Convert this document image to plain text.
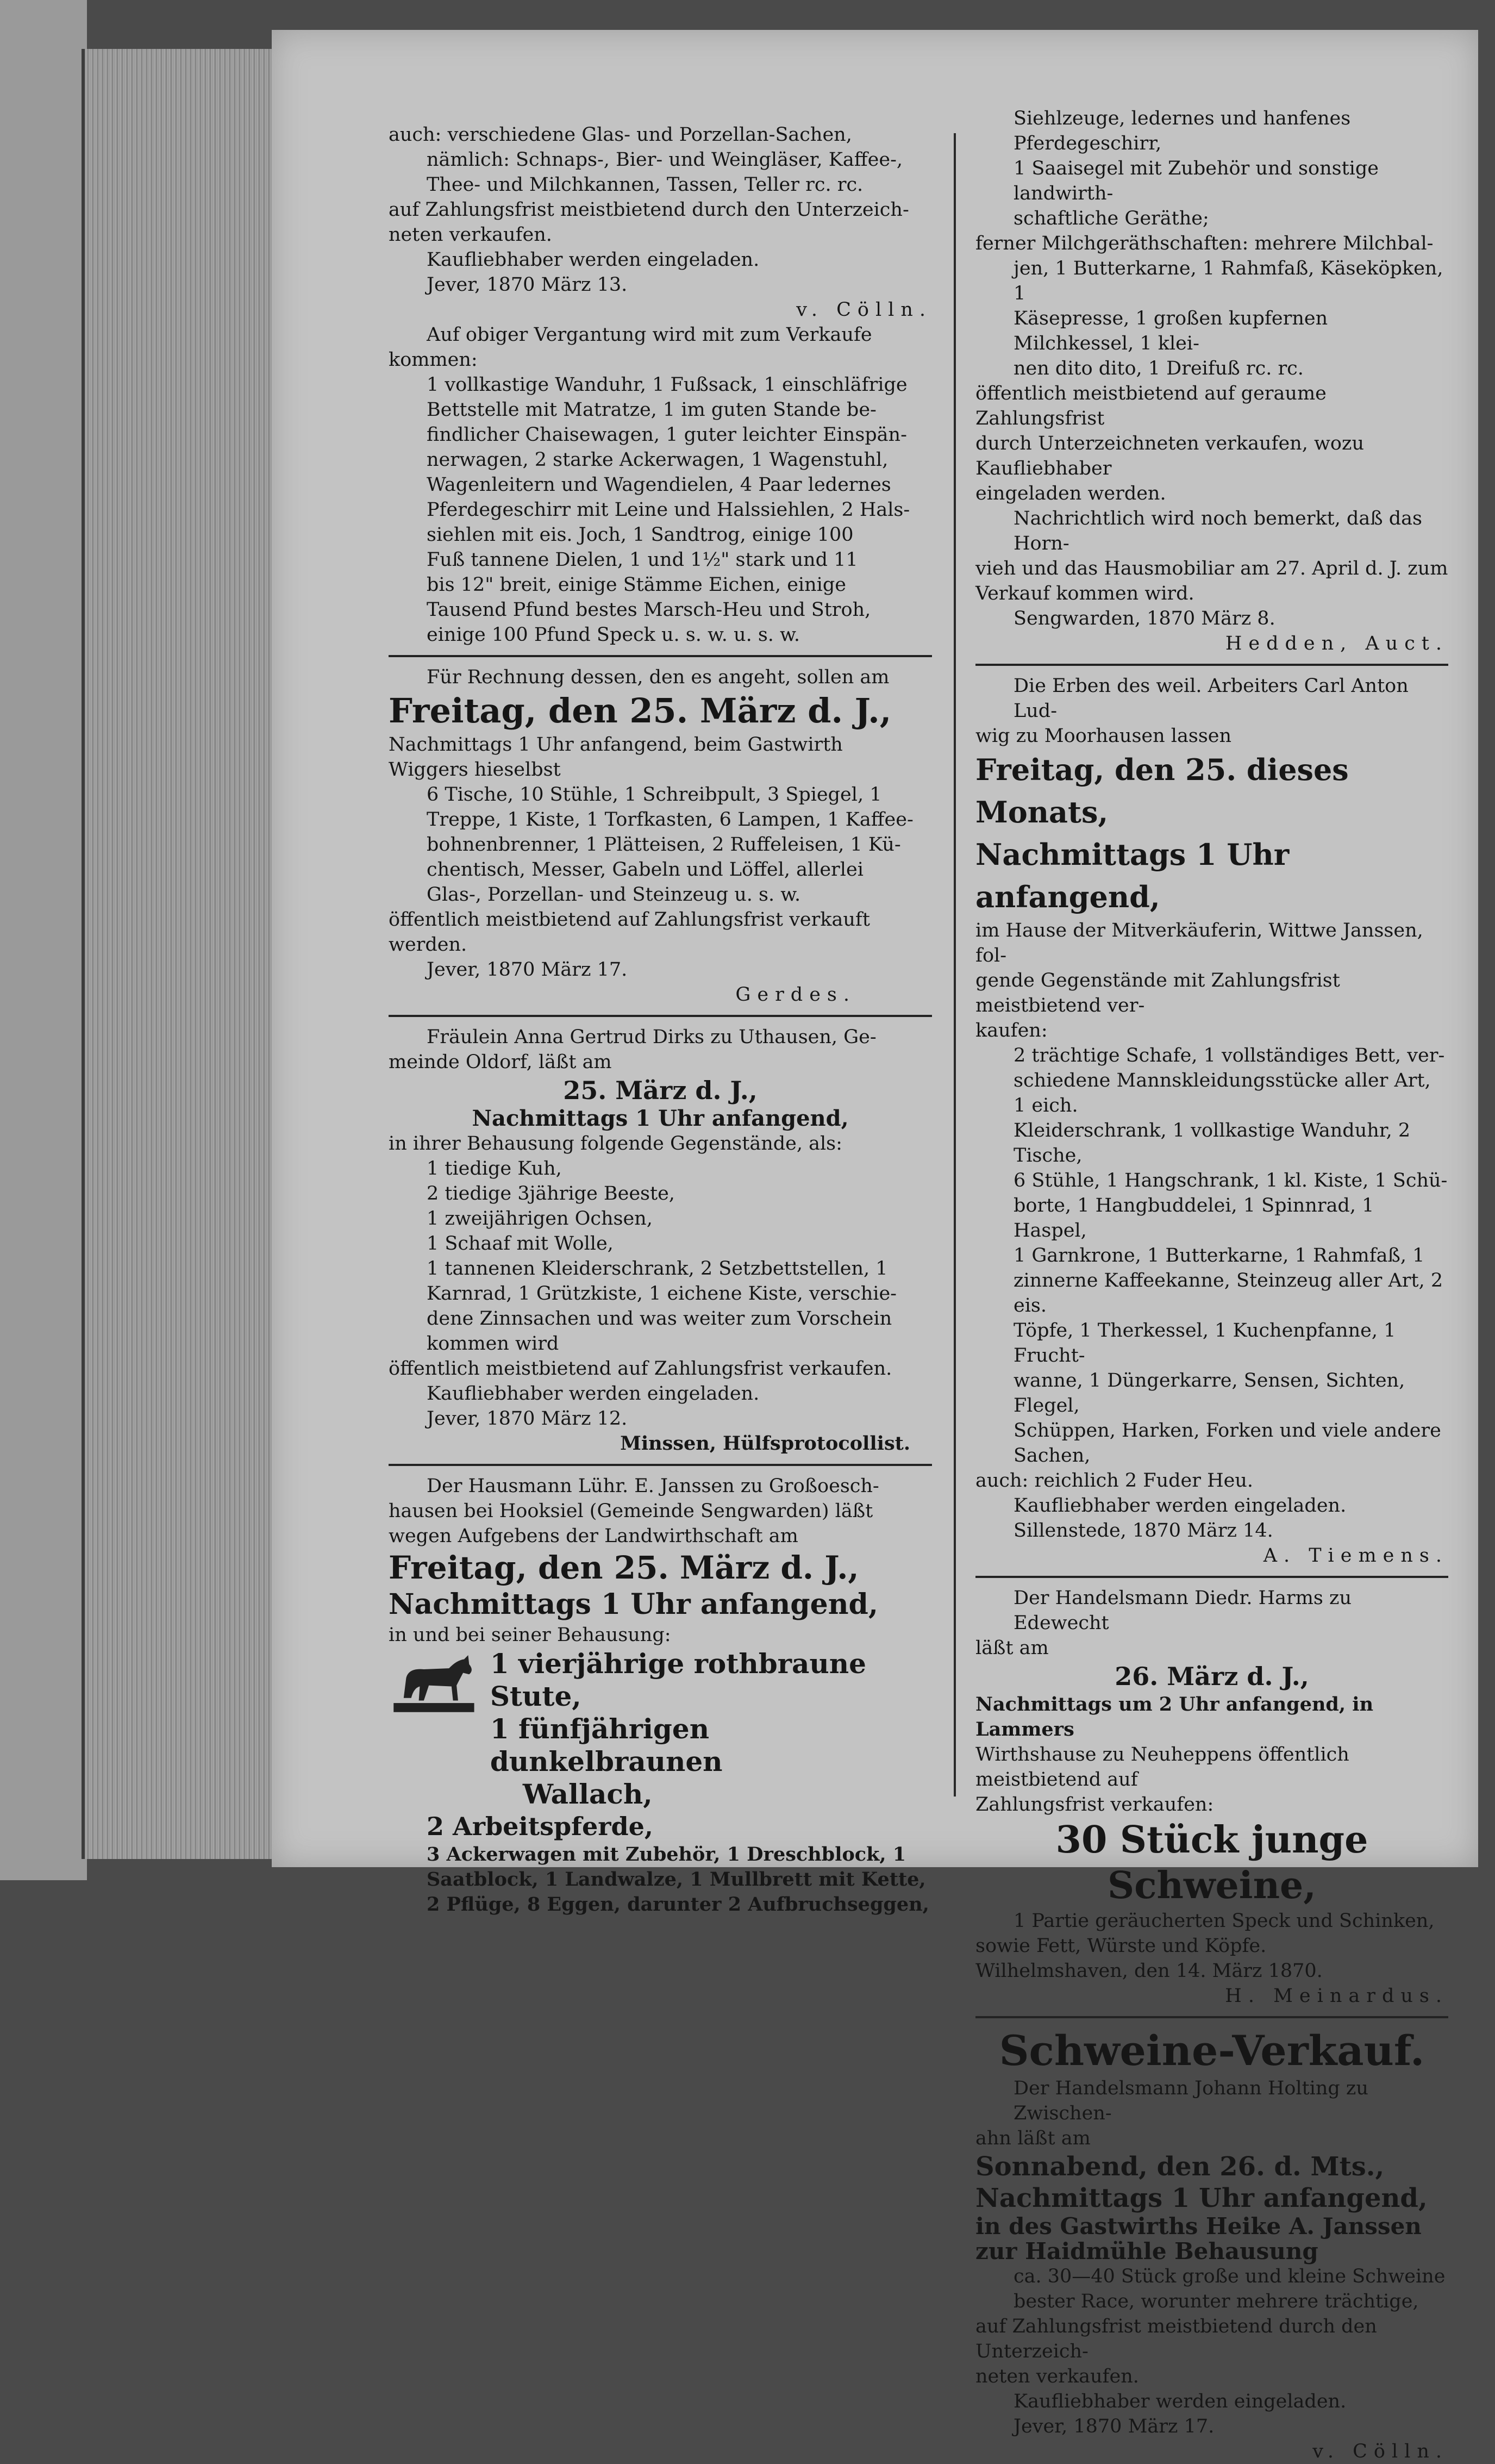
auch: verschiedene Glas- und Porzellan-Sachen,

nämlich: Schnaps-, Bier- und Weingläser, Kaffee-,

Thee- und Milchkannen, Tassen, Teller rc. rc.

auf Zahlungsfrist meistbietend durch den Unterzeich-

neten verkaufen.

Kaufliebhaber werden eingeladen.

Jever, 1870 März 13.

v. Cölln.

Auf obiger Vergantung wird mit zum Verkaufe

kommen:

1 vollkastige Wanduhr, 1 Fußsack, 1 einschläfrige

Bettstelle mit Matratze, 1 im guten Stande be-

findlicher Chaisewagen, 1 guter leichter Einspän-

nerwagen, 2 starke Ackerwagen, 1 Wagenstuhl,

Wagenleitern und Wagendielen, 4 Paar ledernes

Pferdegeschirr mit Leine und Halssiehlen, 2 Hals-

siehlen mit eis. Joch, 1 Sandtrog, einige 100

Fuß tannene Dielen, 1 und 1½" stark und 11

bis 12" breit, einige Stämme Eichen, einige

Tausend Pfund bestes Marsch-Heu und Stroh,

einige 100 Pfund Speck u. s. w. u. s. w.

Für Rechnung dessen, den es angeht, sollen am

Freitag, den 25. März d. J.,

Nachmittags 1 Uhr anfangend, beim Gastwirth

Wiggers hieselbst

6 Tische, 10 Stühle, 1 Schreibpult, 3 Spiegel, 1

Treppe, 1 Kiste, 1 Torfkasten, 6 Lampen, 1 Kaffee-

bohnenbrenner, 1 Plätteisen, 2 Ruffeleisen, 1 Kü-

chentisch, Messer, Gabeln und Löffel, allerlei

Glas-, Porzellan- und Steinzeug u. s. w.

öffentlich meistbietend auf Zahlungsfrist verkauft

werden.

Jever, 1870 März 17.

Gerdes.

Fräulein Anna Gertrud Dirks zu Uthausen, Ge-

meinde Oldorf, läßt am

25. März d. J.,

Nachmittags 1 Uhr anfangend,

in ihrer Behausung folgende Gegenstände, als:

1 tiedige Kuh,

2 tiedige 3jährige Beeste,

1 zweijährigen Ochsen,

1 Schaaf mit Wolle,

1 tannenen Kleiderschrank, 2 Setzbettstellen, 1

Karnrad, 1 Grützkiste, 1 eichene Kiste, verschie-

dene Zinnsachen und was weiter zum Vorschein

kommen wird

öffentlich meistbietend auf Zahlungsfrist verkaufen.

Kaufliebhaber werden eingeladen.

Jever, 1870 März 12.

Minssen, Hülfsprotocollist.

Der Hausmann Lühr. E. Janssen zu Großoesch-

hausen bei Hooksiel (Gemeinde Sengwarden) läßt

wegen Aufgebens der Landwirthschaft am

Freitag, den 25. März d. J.,

Nachmittags 1 Uhr anfangend,

in und bei seiner Behausung:

1 vierjährige rothbraune Stute,

1 fünfjährigen dunkelbraunen

Wallach,

2 Arbeitspferde,

3 Ackerwagen mit Zubehör, 1 Dreschblock, 1

Saatblock, 1 Landwalze, 1 Mullbrett mit Kette,

2 Pflüge, 8 Eggen, darunter 2 Aufbruchseggen,

Siehlzeuge, ledernes und hanfenes Pferdegeschirr,

1 Saaisegel mit Zubehör und sonstige landwirth-

schaftliche Geräthe;

ferner Milchgeräthschaften: mehrere Milchbal-

jen, 1 Butterkarne, 1 Rahmfaß, Käseköpken, 1

Käsepresse, 1 großen kupfernen Milchkessel, 1 klei-

nen dito dito, 1 Dreifuß rc. rc.

öffentlich meistbietend auf geraume Zahlungsfrist

durch Unterzeichneten verkaufen, wozu Kaufliebhaber

eingeladen werden.

Nachrichtlich wird noch bemerkt, daß das Horn-

vieh und das Hausmobiliar am 27. April d. J. zum

Verkauf kommen wird.

Sengwarden, 1870 März 8.

Hedden, Auct.

Die Erben des weil. Arbeiters Carl Anton Lud-

wig zu Moorhausen lassen

Freitag, den 25. dieses Monats,

Nachmittags 1 Uhr anfangend,

im Hause der Mitverkäuferin, Wittwe Janssen, fol-

gende Gegenstände mit Zahlungsfrist meistbietend ver-

kaufen:

2 trächtige Schafe, 1 vollständiges Bett, ver-

schiedene Mannskleidungsstücke aller Art, 1 eich.

Kleiderschrank, 1 vollkastige Wanduhr, 2 Tische,

6 Stühle, 1 Hangschrank, 1 kl. Kiste, 1 Schü-

borte, 1 Hangbuddelei, 1 Spinnrad, 1 Haspel,

1 Garnkrone, 1 Butterkarne, 1 Rahmfaß, 1

zinnerne Kaffeekanne, Steinzeug aller Art, 2 eis.

Töpfe, 1 Therkessel, 1 Kuchenpfanne, 1 Frucht-

wanne, 1 Düngerkarre, Sensen, Sichten, Flegel,

Schüppen, Harken, Forken und viele andere

Sachen,

auch: reichlich 2 Fuder Heu.

Kaufliebhaber werden eingeladen.

Sillenstede, 1870 März 14.

A. Tiemens.

Der Handelsmann Diedr. Harms zu Edewecht

läßt am

26. März d. J.,

Nachmittags um 2 Uhr anfangend, in Lammers

Wirthshause zu Neuheppens öffentlich meistbietend auf

Zahlungsfrist verkaufen:

30 Stück junge Schweine,

1 Partie geräucherten Speck und Schinken,

sowie Fett, Würste und Köpfe.

Wilhelmshaven, den 14. März 1870.

H. Meinardus.

Schweine-Verkauf.

Der Handelsmann Johann Holting zu Zwischen-

ahn läßt am

Sonnabend, den 26. d. Mts.,

Nachmittags 1 Uhr anfangend,

in des Gastwirths Heike A. Janssen

zur Haidmühle Behausung

ca. 30—40 Stück große und kleine Schweine

bester Race, worunter mehrere trächtige,

auf Zahlungsfrist meistbietend durch den Unterzeich-

neten verkaufen.

Kaufliebhaber werden eingeladen.

Jever, 1870 März 17.

v. Cölln.
